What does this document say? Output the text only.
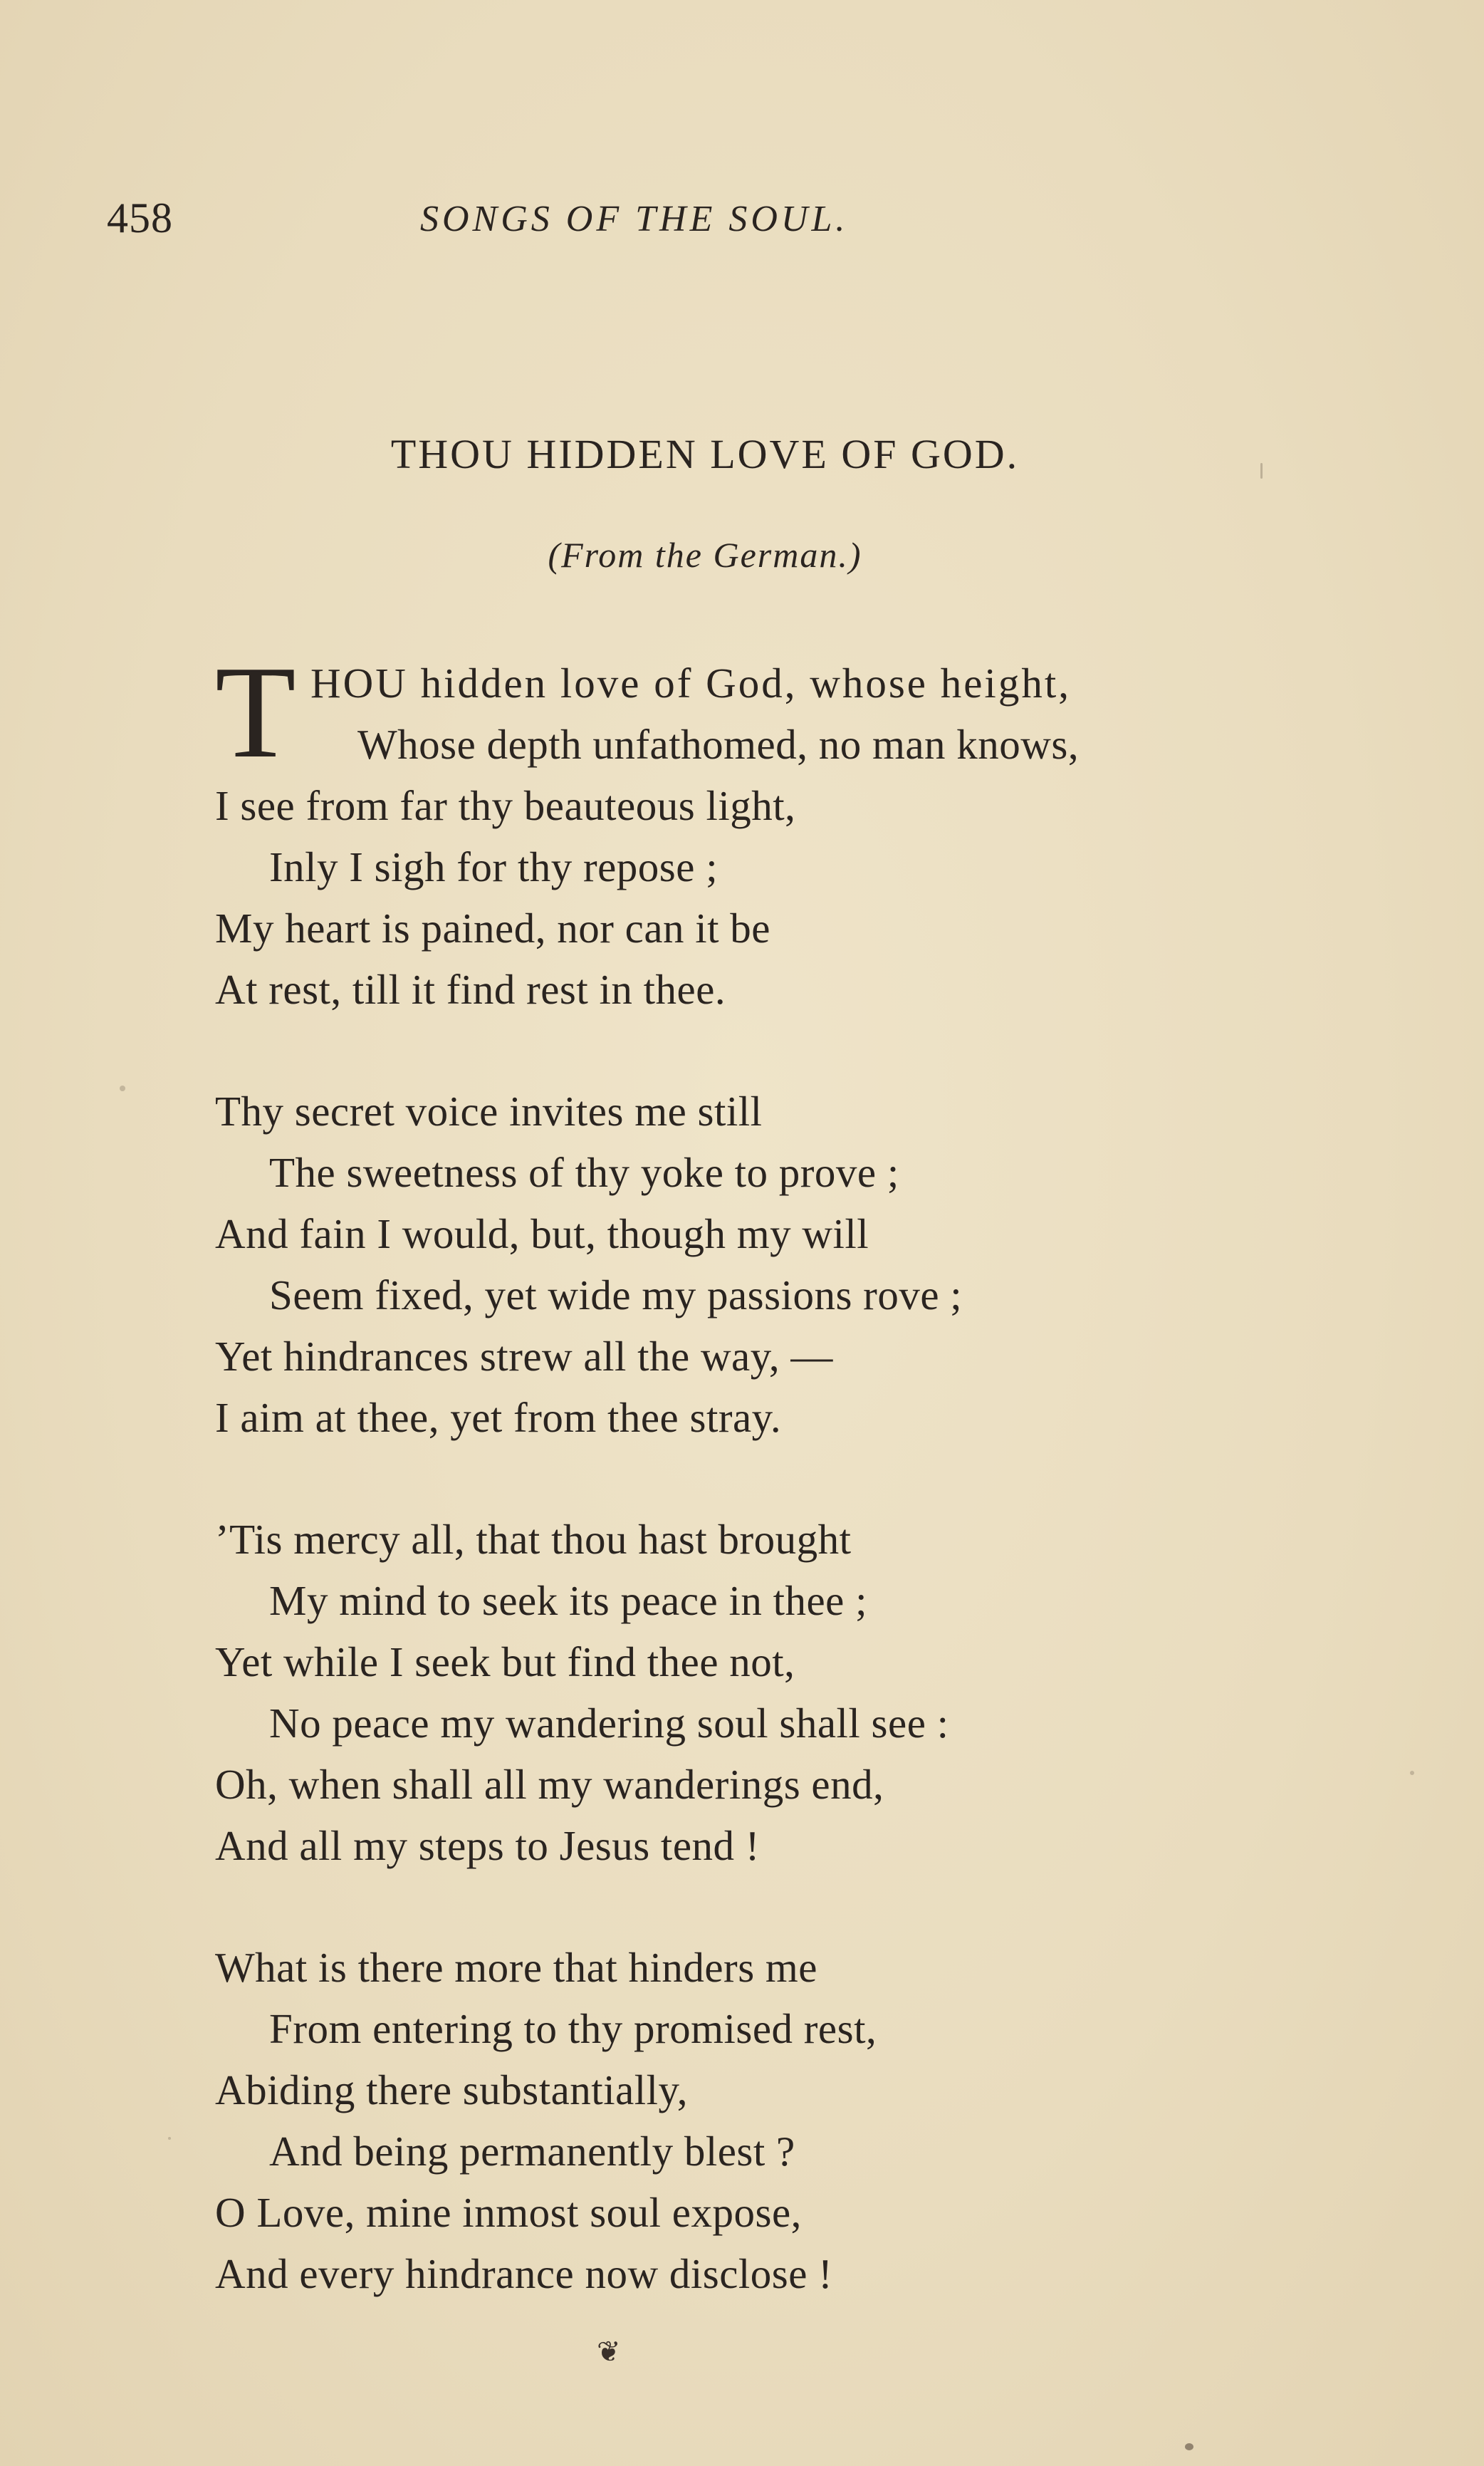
458	SONGS OF THE SOUL.
THOU HIDDEN LOVE OF GOD.
(From the German.)
T HOU hidden love of God, whose height,
Whose depth unfathomed, no man knows,
I see from far thy beauteous light,
Inly I sigh for thy repose ;
My heart is pained, nor can it be
At rest, till it find rest in thee.
Thy secret voice invites me still
The sweetness of thy yoke to prove ;
And fain I would, but, though my will
Seem fixed, yet wide my passions rove ;
Yet hindrances strew all the way, —
I aim at thee, yet from thee stray.
’Tis mercy all, that thou hast brought
My mind to seek its peace in thee ;
Yet while I seek but find thee not,
No peace my wandering soul shall see :
Oh, when shall all my wanderings end,
And all my steps to Jesus tend !
What is there more that hinders me
From entering to thy promised rest,
Abiding there substantially,
And being permanently blest ?
O Love, mine inmost soul expose,
And every hindrance now disclose !
❦
